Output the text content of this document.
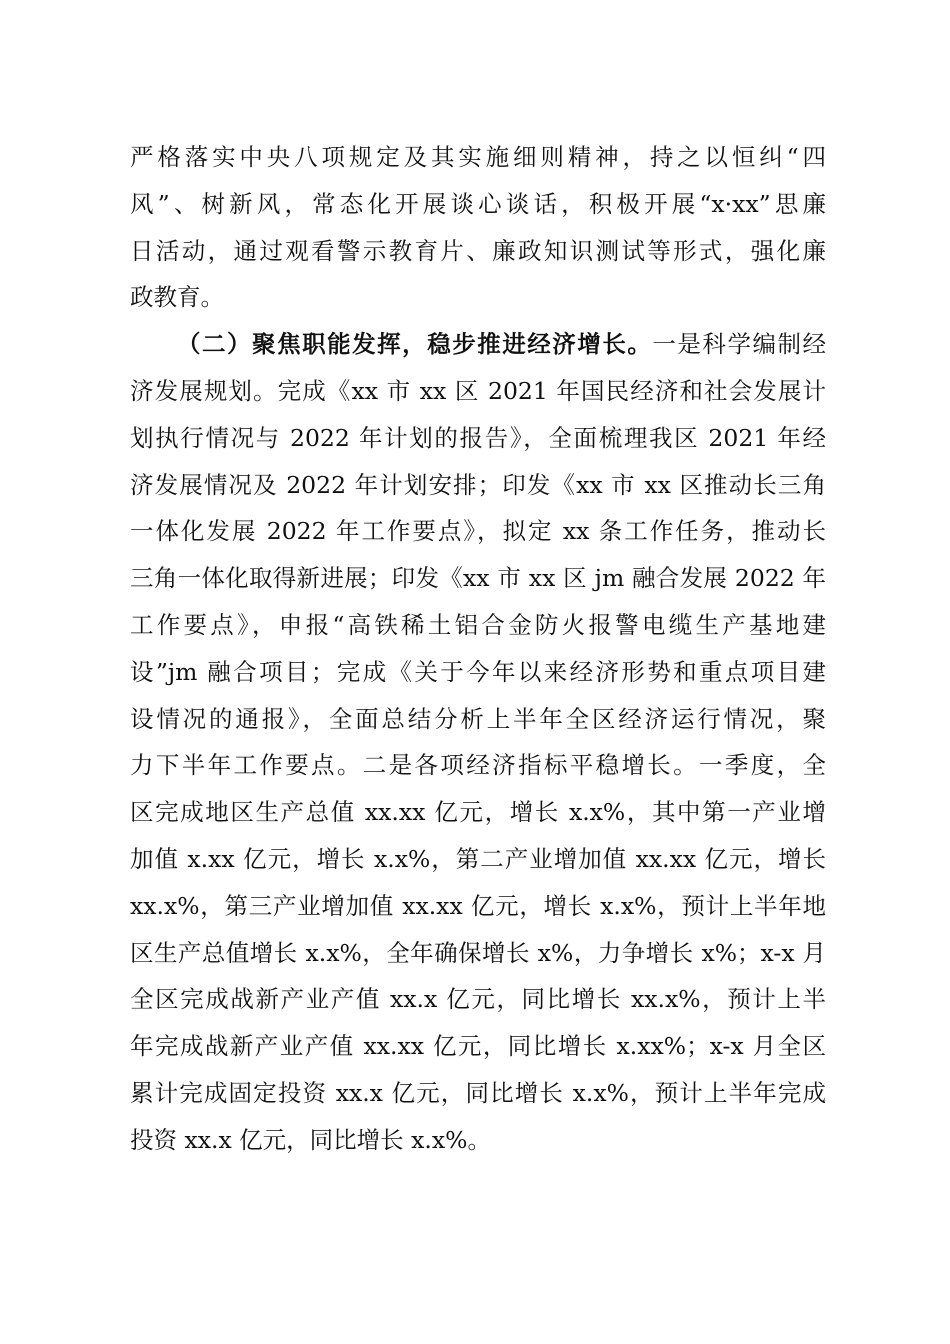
严格落实中央八项规定及其实施细则精神，持之以恒纠“四
风”、树新风，常态化开展谈心谈话，积极开展“x·xx”思廉
日活动，通过观看警示教育片、廉政知识测试等形式，强化廉
政教育。
（二）聚焦职能发挥，稳步推进经济增长。一是科学编制经
济发展规划。完成《xx 市 xx 区 2021 年国民经济和社会发展计
划执行情况与 2022 年计划的报告》，全面梳理我区 2021 年经
济发展情况及 2022 年计划安排；印发《xx 市 xx 区推动长三角
一体化发展 2022 年工作要点》，拟定 xx 条工作任务，推动长
三角一体化取得新进展；印发《xx 市 xx 区 jm 融合发展 2022 年
工作要点》，申报“高铁稀土铝合金防火报警电缆生产基地建
设”jm 融合项目；完成《关于今年以来经济形势和重点项目建
设情况的通报》，全面总结分析上半年全区经济运行情况，聚
力下半年工作要点。二是各项经济指标平稳增长。一季度，全
区完成地区生产总值 xx.xx 亿元，增长 x.x%，其中第一产业增
加值 x.xx 亿元，增长 x.x%，第二产业增加值 xx.xx 亿元，增长
xx.x%，第三产业增加值 xx.xx 亿元，增长 x.x%，预计上半年地
区生产总值增长 x.x%，全年确保增长 x%，力争增长 x%；x-x 月
全区完成战新产业产值 xx.x 亿元，同比增长 xx.x%，预计上半
年完成战新产业产值 xx.xx 亿元，同比增长 x.xx%；x-x 月全区
累计完成固定投资 xx.x 亿元，同比增长 x.x%，预计上半年完成
投资 xx.x 亿元，同比增长 x.x%。
